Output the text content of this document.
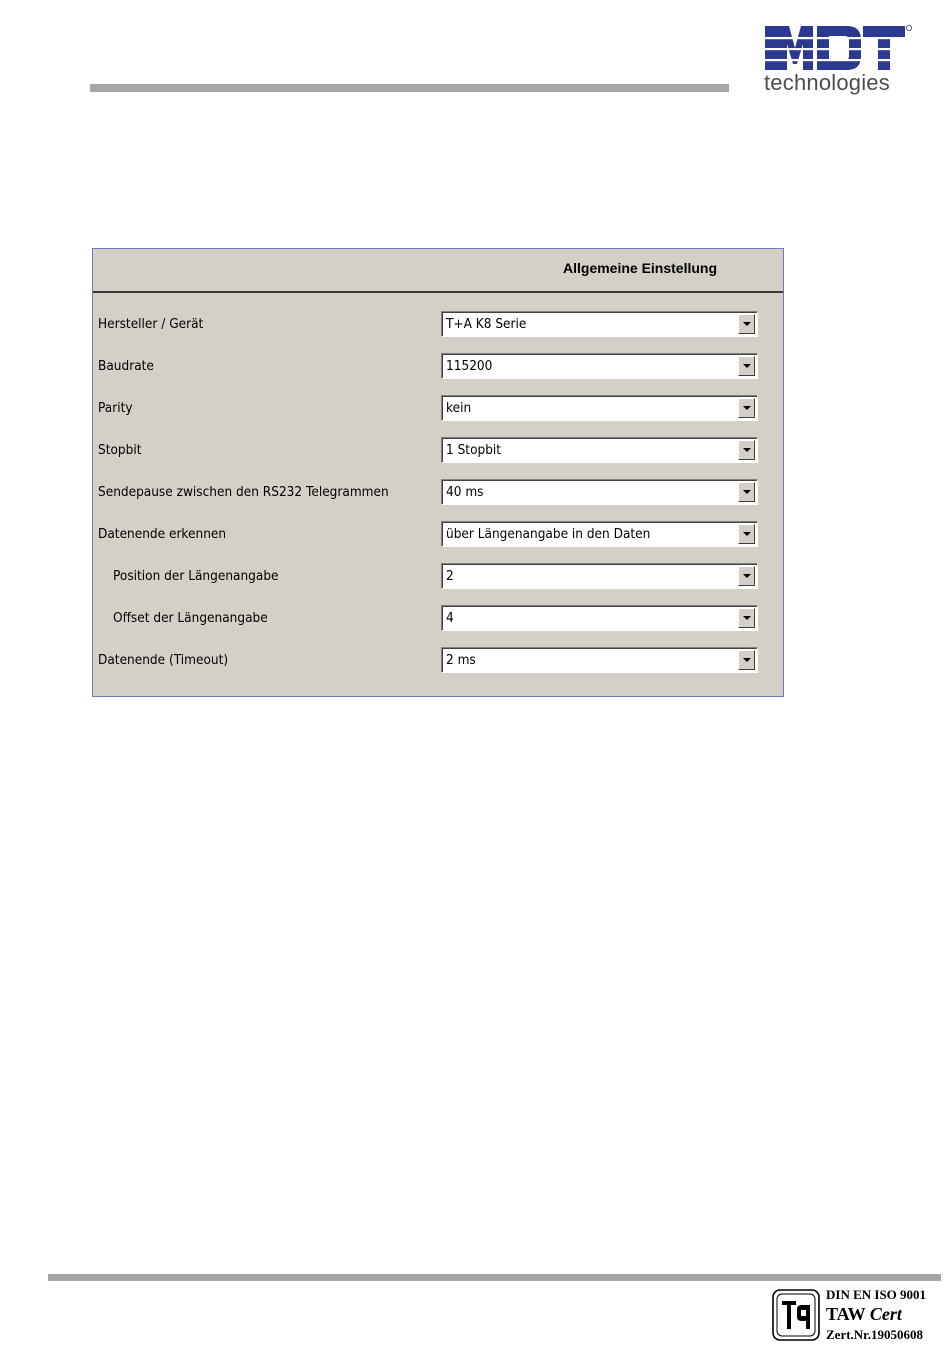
technologies
Allgemeine Einstellung
Hersteller / Gerät	T+A K8 Serie
Baudrate	115200
Parity	kein
Stopbit	1 Stopbit
Sendepause zwischen den RS232 Telegrammen	40 ms
Datenende erkennen	über Längenangabe in den Daten
Position der Längenangabe	2
Offset der Längenangabe	4
Datenende (Timeout)	2 ms
DIN EN ISO 9001
TAW Cert
Zert.Nr.19050608
